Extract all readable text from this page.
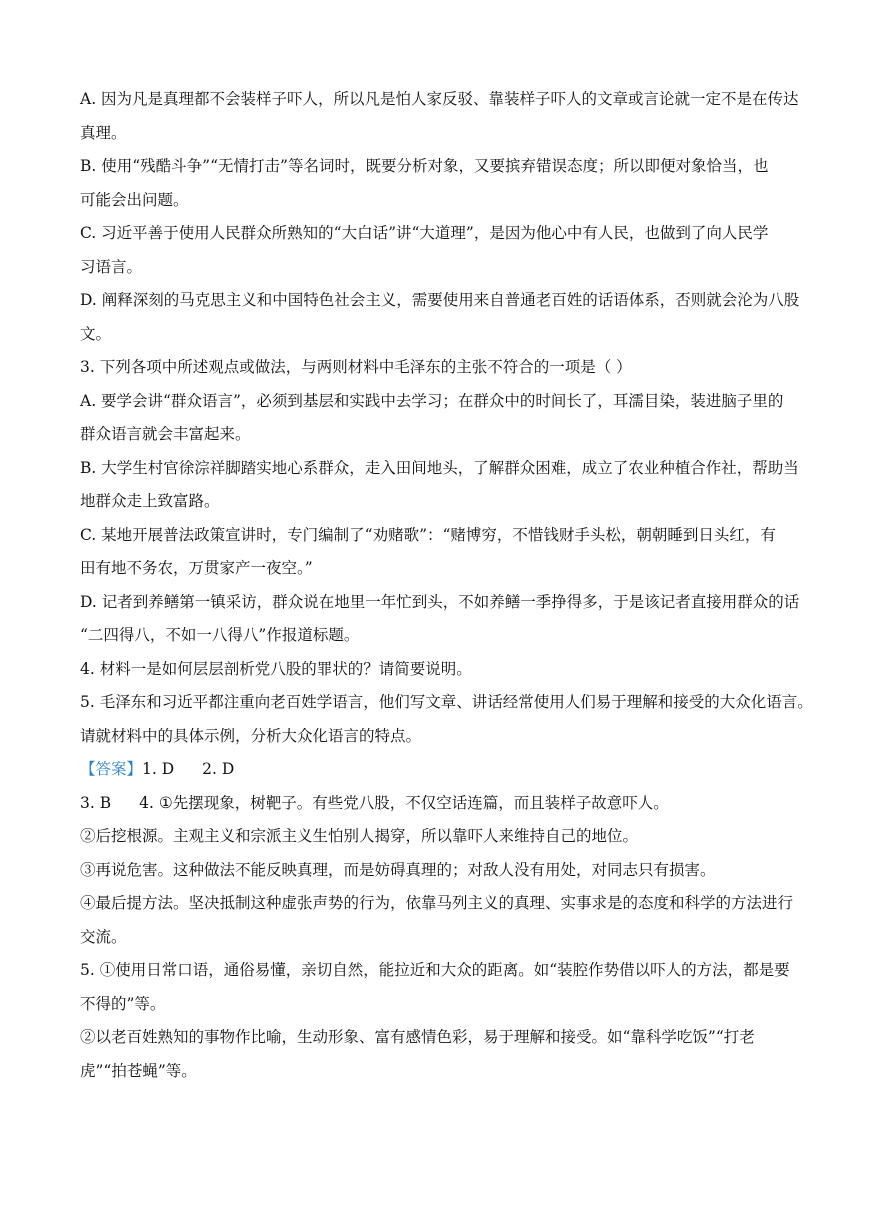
A. 因为凡是真理都不会装样子吓人，所以凡是怕人家反驳、靠装样子吓人的文章或言论就一定不是在传达

真理。

B. 使用“残酷斗争”“无情打击”等名词时，既要分析对象，又要摈弃错误态度；所以即便对象恰当，也

可能会出问题。

C. 习近平善于使用人民群众所熟知的“大白话”讲“大道理”，是因为他心中有人民，也做到了向人民学

习语言。

D. 阐释深刻的马克思主义和中国特色社会主义，需要使用来自普通老百姓的话语体系，否则就会沦为八股

文。

3. 下列各项中所述观点或做法，与两则材料中毛泽东的主张不符合的一项是（ ）

A. 要学会讲“群众语言”，必须到基层和实践中去学习；在群众中的时间长了，耳濡目染，装进脑子里的

群众语言就会丰富起来。

B. 大学生村官徐淙祥脚踏实地心系群众，走入田间地头，了解群众困难，成立了农业种植合作社，帮助当

地群众走上致富路。

C. 某地开展普法政策宣讲时，专门编制了“劝赌歌”：“赌博穷，不惜钱财手头松，朝朝睡到日头红，有

田有地不务农，万贯家产一夜空。”

D. 记者到养鳝第一镇采访，群众说在地里一年忙到头，不如养鳝一季挣得多，于是该记者直接用群众的话

“二四得八，不如一八得八”作报道标题。

4. 材料一是如何层层剖析党八股的罪状的？请简要说明。

5. 毛泽东和习近平都注重向老百姓学语言，他们写文章、讲话经常使用人们易于理解和接受的大众化语言。

请就材料中的具体示例，分析大众化语言的特点。

【答案】1. D 2. D

3. B 4. ①先摆现象，树靶子。有些党八股，不仅空话连篇，而且装样子故意吓人。

②后挖根源。主观主义和宗派主义生怕别人揭穿，所以靠吓人来维持自己的地位。

③再说危害。这种做法不能反映真理，而是妨碍真理的；对敌人没有用处，对同志只有损害。

④最后提方法。坚决抵制这种虚张声势的行为，依靠马列主义的真理、实事求是的态度和科学的方法进行

交流。

5. ①使用日常口语，通俗易懂，亲切自然，能拉近和大众的距离。如“装腔作势借以吓人的方法，都是要

不得的”等。

②以老百姓熟知的事物作比喻，生动形象、富有感情色彩，易于理解和接受。如“靠科学吃饭”“打老

虎”“拍苍蝇”等。
